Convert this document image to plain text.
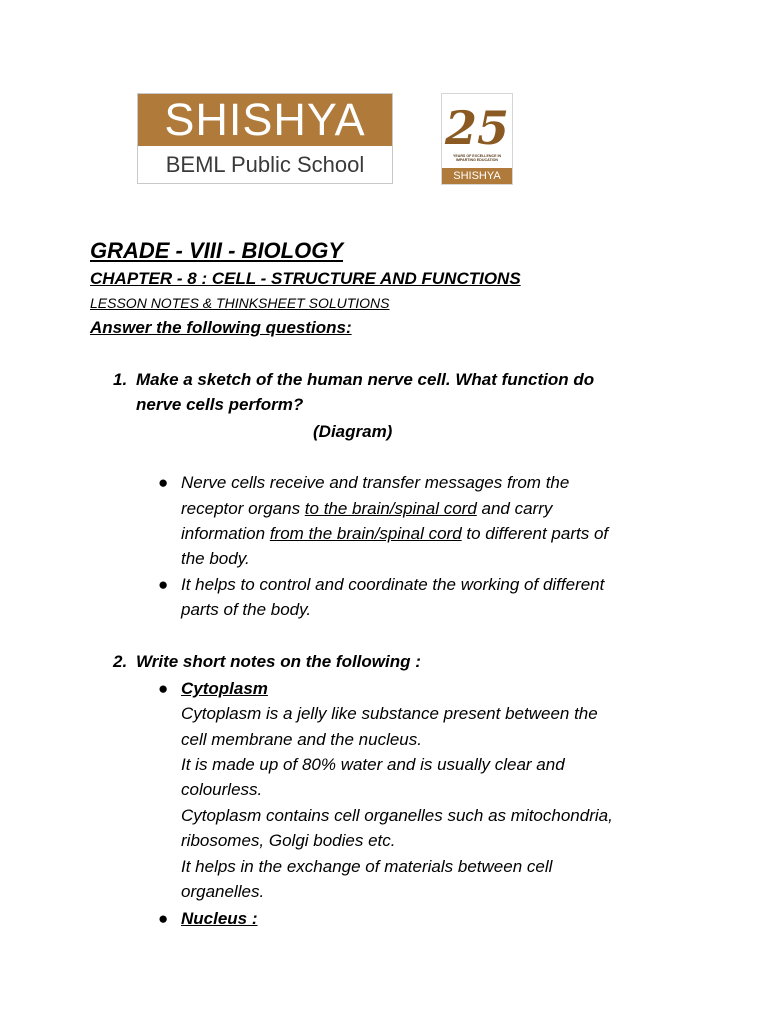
SHISHYA
BEML Public School
25
YEARS OF EXCELLENCE IN IMPARTING EDUCATION
SHISHYA
GRADE - VIII - BIOLOGY
CHAPTER - 8 : CELL - STRUCTURE AND FUNCTIONS
LESSON NOTES & THINKSHEET SOLUTIONS
Answer the following questions:
1. Make a sketch of the human nerve cell. What function do
nerve cells perform?
(Diagram)
● Nerve cells receive and transfer messages from the
receptor organs to the brain/spinal cord and carry
information from the brain/spinal cord to different parts of
the body.
● It helps to control and coordinate the working of different
parts of the body.
2. Write short notes on the following :
● Cytoplasm
Cytoplasm is a jelly like substance present between the
cell membrane and the nucleus.
It is made up of 80% water and is usually clear and
colourless.
Cytoplasm contains cell organelles such as mitochondria,
ribosomes, Golgi bodies etc.
It helps in the exchange of materials between cell
organelles.
● Nucleus :
